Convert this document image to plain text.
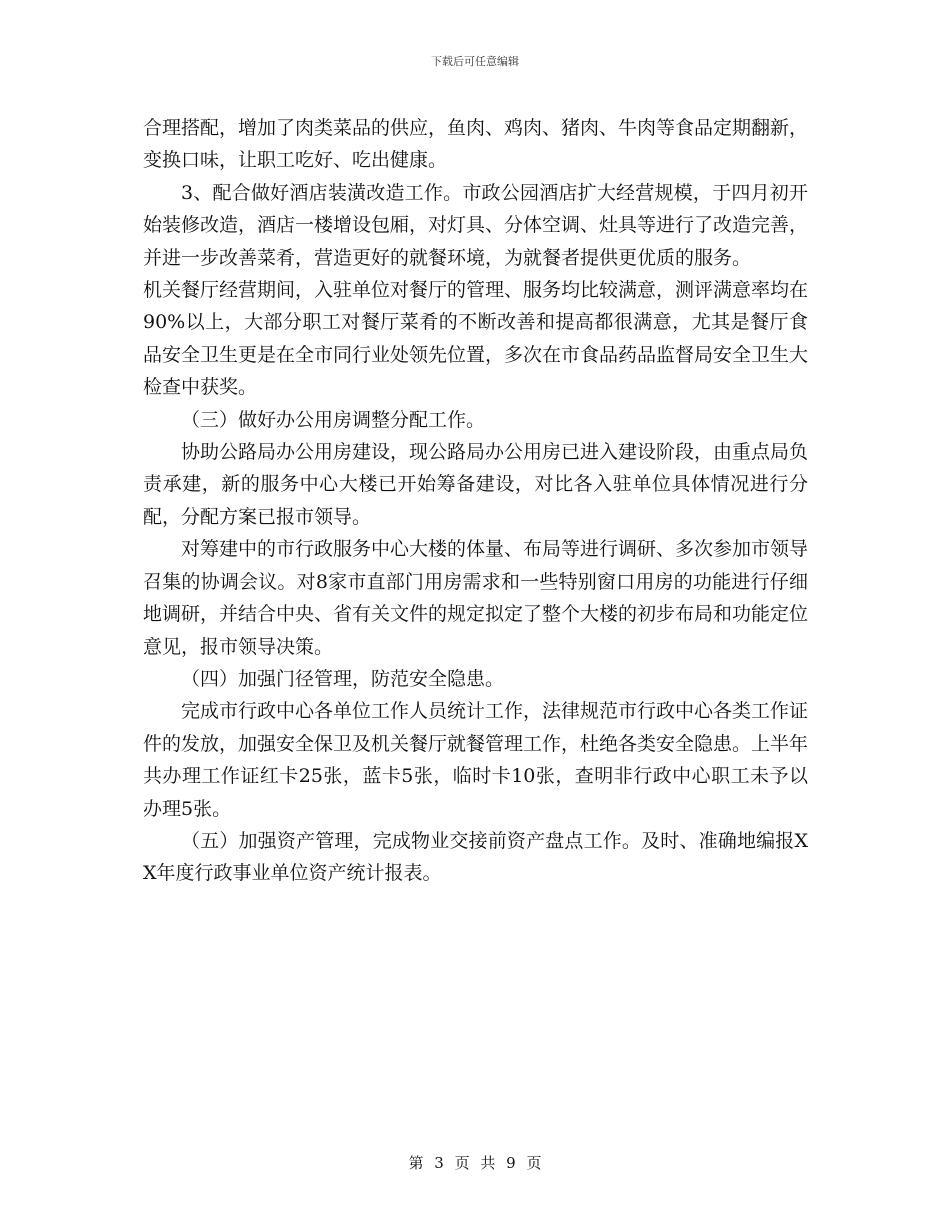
下载后可任意编辑

合理搭配，增加了肉类菜品的供应，鱼肉、鸡肉、猪肉、牛肉等食品定期翻新，变换口味，让职工吃好、吃出健康。

3、配合做好酒店装潢改造工作。市政公园酒店扩大经营规模，于四月初开始装修改造，酒店一楼增设包厢，对灯具、分体空调、灶具等进行了改造完善，并进一步改善菜肴，营造更好的就餐环境，为就餐者提供更优质的服务。

机关餐厅经营期间，入驻单位对餐厅的管理、服务均比较满意，测评满意率均在90%以上，大部分职工对餐厅菜肴的不断改善和提高都很满意，尤其是餐厅食品安全卫生更是在全市同行业处领先位置，多次在市食品药品监督局安全卫生大检查中获奖。

（三）做好办公用房调整分配工作。

协助公路局办公用房建设，现公路局办公用房已进入建设阶段，由重点局负责承建，新的服务中心大楼已开始筹备建设，对比各入驻单位具体情况进行分配，分配方案已报市领导。

对筹建中的市行政服务中心大楼的体量、布局等进行调研、多次参加市领导召集的协调会议。对8家市直部门用房需求和一些特别窗口用房的功能进行仔细地调研，并结合中央、省有关文件的规定拟定了整个大楼的初步布局和功能定位意见，报市领导决策。

（四）加强门径管理，防范安全隐患。

完成市行政中心各单位工作人员统计工作，法律规范市行政中心各类工作证件的发放，加强安全保卫及机关餐厅就餐管理工作，杜绝各类安全隐患。上半年共办理工作证红卡25张，蓝卡5张，临时卡10张，查明非行政中心职工未予以办理5张。

（五）加强资产管理，完成物业交接前资产盘点工作。及时、准确地编报XX年度行政事业单位资产统计报表。

第 3 页 共 9 页
